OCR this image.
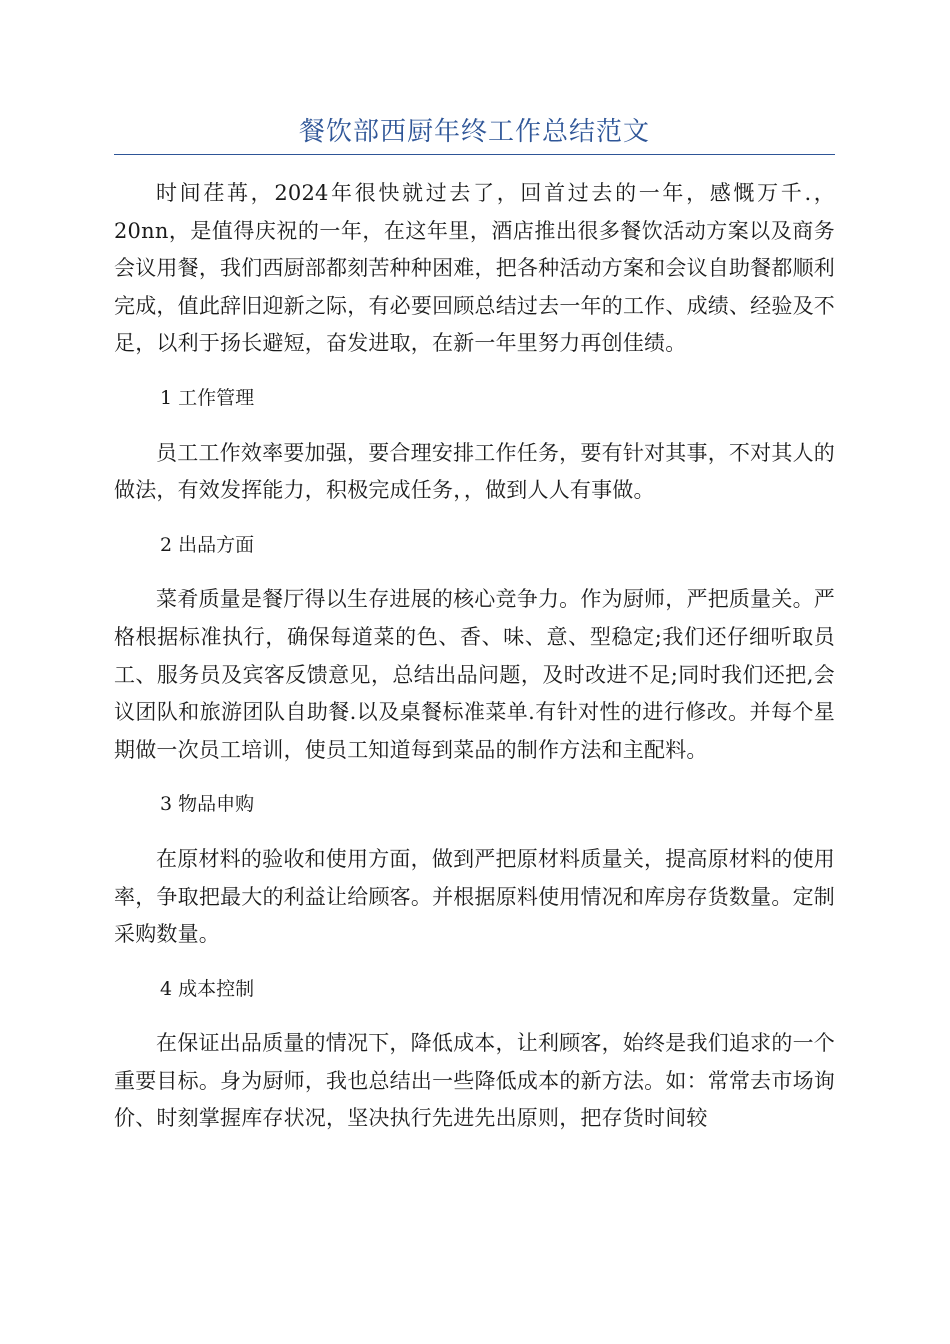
餐饮部西厨年终工作总结范文

时间荏苒，2024年很快就过去了，回首过去的一年，感慨万千.，20nn，是值得庆祝的一年，在这年里，酒店推出很多餐饮活动方案以及商务会议用餐，我们西厨部都刻苦种种困难，把各种活动方案和会议自助餐都顺利完成，值此辞旧迎新之际，有必要回顾总结过去一年的工作、成绩、经验及不足，以利于扬长避短，奋发进取，在新一年里努力再创佳绩。

1 工作管理

员工工作效率要加强，要合理安排工作任务，要有针对其事，不对其人的做法，有效发挥能力，积极完成任务，，做到人人有事做。

2 出品方面

菜肴质量是餐厅得以生存进展的核心竞争力。作为厨师，严把质量关。严格根据标准执行，确保每道菜的色、香、味、意、型稳定;我们还仔细听取员工、服务员及宾客反馈意见，总结出品问题，及时改进不足;同时我们还把,会议团队和旅游团队自助餐.以及桌餐标准菜单.有针对性的进行修改。并每个星期做一次员工培训，使员工知道每到菜品的制作方法和主配料。

3 物品申购

在原材料的验收和使用方面，做到严把原材料质量关，提高原材料的使用率，争取把最大的利益让给顾客。并根据原料使用情况和库房存货数量。定制采购数量。

4 成本控制

在保证出品质量的情况下，降低成本，让利顾客，始终是我们追求的一个重要目标。身为厨师，我也总结出一些降低成本的新方法。如：常常去市场询价、时刻掌握库存状况，坚决执行先进先出原则，把存货时间较
